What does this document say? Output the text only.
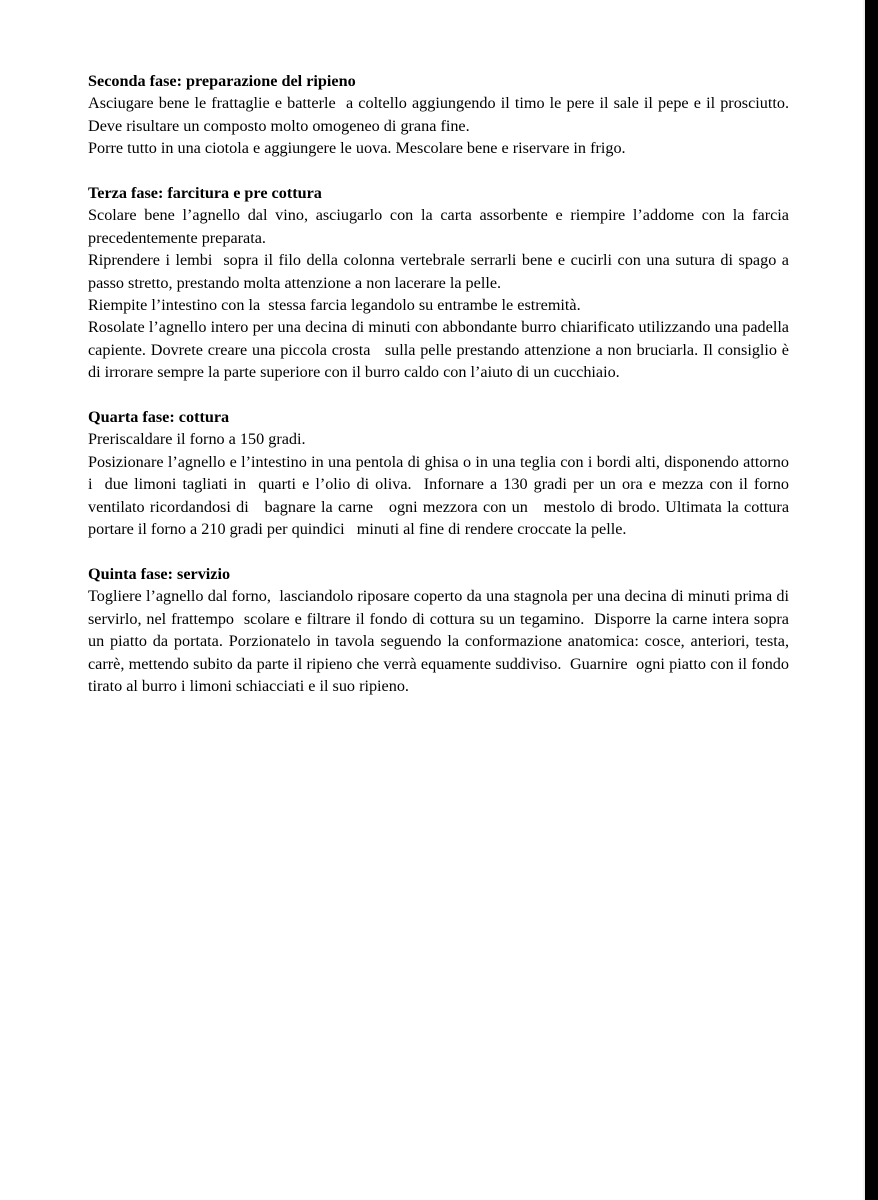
Seconda fase: preparazione del ripieno

Asciugare bene le frattaglie e batterle  a coltello aggiungendo il timo le pere il sale il pepe e il prosciutto.  Deve risultare un composto molto omogeneo di grana fine.

Porre tutto in una ciotola e aggiungere le uova. Mescolare bene e riservare in frigo.

Terza fase: farcitura e pre cottura

Scolare bene l’agnello dal vino, asciugarlo con la carta assorbente e riempire l’addome con la farcia precedentemente preparata.

Riprendere i lembi  sopra il filo della colonna vertebrale serrarli bene e cucirli con una sutura di spago a passo stretto, prestando molta attenzione a non lacerare la pelle.

Riempite l’intestino con la  stessa farcia legandolo su entrambe le estremità.

Rosolate l’agnello intero per una decina di minuti con abbondante burro chiarificato utilizzando una padella capiente. Dovrete creare una piccola crosta   sulla pelle prestando attenzione a non bruciarla. Il consiglio è di irrorare sempre la parte superiore con il burro caldo con l’aiuto di un cucchiaio.

Quarta fase: cottura

Preriscaldare il forno a 150 gradi.

Posizionare l’agnello e l’intestino in una pentola di ghisa o in una teglia con i bordi alti, disponendo attorno i  due limoni tagliati in  quarti e l’olio di oliva.  Infornare a 130 gradi per un ora e mezza con il forno ventilato ricordandosi di   bagnare la carne   ogni mezzora con un   mestolo di brodo. Ultimata la cottura portare il forno a 210 gradi per quindici   minuti al fine di rendere croccate la pelle.

Quinta fase: servizio

Togliere l’agnello dal forno,  lasciandolo riposare coperto da una stagnola per una decina di minuti prima di servirlo, nel frattempo  scolare e filtrare il fondo di cottura su un tegamino.  Disporre la carne intera sopra un piatto da portata. Porzionatelo in tavola seguendo la conformazione anatomica: cosce, anteriori, testa, carrè, mettendo subito da parte il ripieno che verrà equamente suddiviso.  Guarnire  ogni piatto con il fondo tirato al burro i limoni schiacciati e il suo ripieno.
